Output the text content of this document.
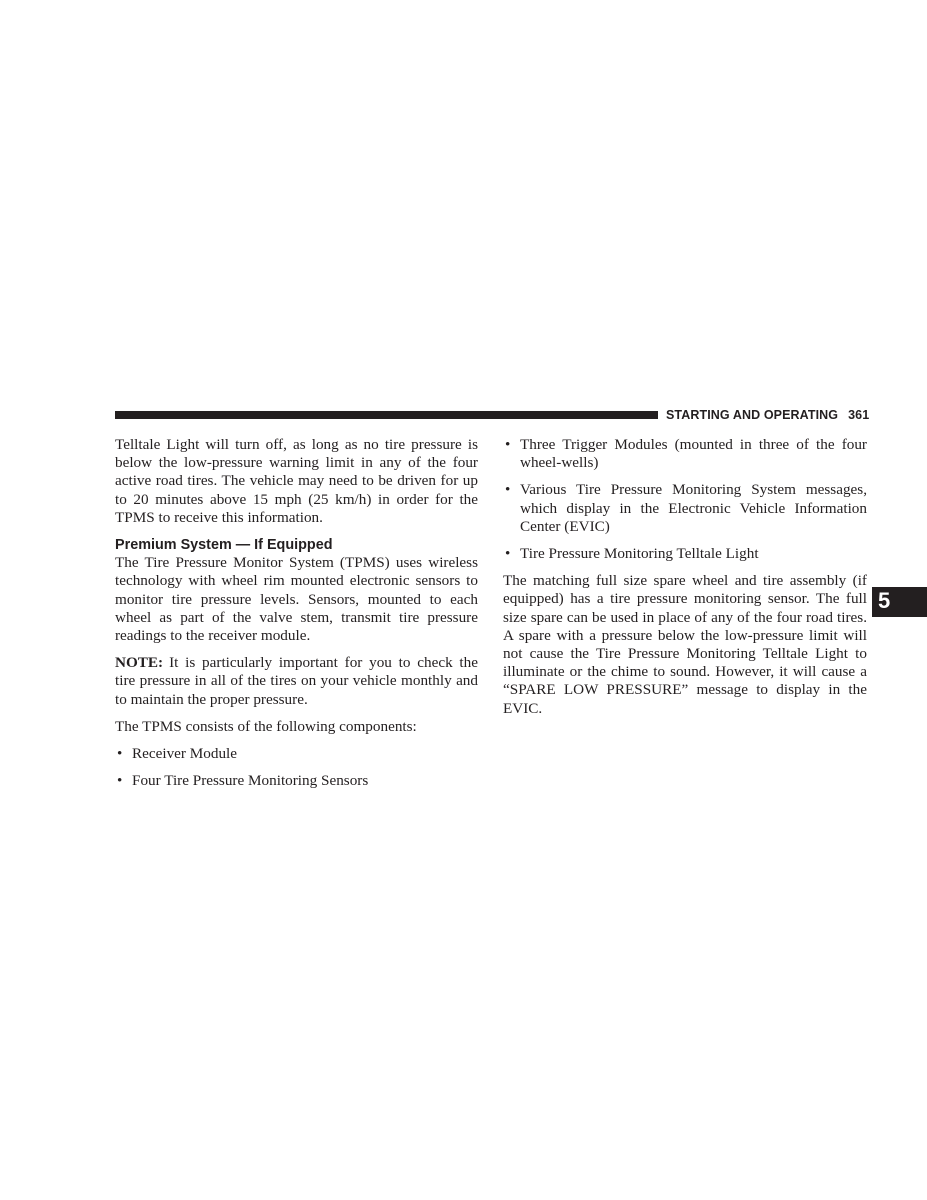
STARTING AND OPERATING 361
5

Telltale Light will turn off, as long as no tire pressure is below the low-pressure warning limit in any of the four active road tires. The vehicle may need to be driven for up to 20 minutes above 15 mph (25 km/h) in order for the TPMS to receive this information.

Premium System — If Equipped

The Tire Pressure Monitor System (TPMS) uses wireless technology with wheel rim mounted electronic sensors to monitor tire pressure levels. Sensors, mounted to each wheel as part of the valve stem, transmit tire pressure readings to the receiver module.

NOTE: It is particularly important for you to check the tire pressure in all of the tires on your vehicle monthly and to maintain the proper pressure.

The TPMS consists of the following components:

• Receiver Module
• Four Tire Pressure Monitoring Sensors
• Three Trigger Modules (mounted in three of the four wheel-wells)
• Various Tire Pressure Monitoring System messages, which display in the Electronic Vehicle Information Center (EVIC)
• Tire Pressure Monitoring Telltale Light

The matching full size spare wheel and tire assembly (if equipped) has a tire pressure monitoring sensor. The full size spare can be used in place of any of the four road tires. A spare with a pressure below the low-pressure limit will not cause the Tire Pressure Monitoring Telltale Light to illuminate or the chime to sound. However, it will cause a “SPARE LOW PRESSURE” message to display in the EVIC.
